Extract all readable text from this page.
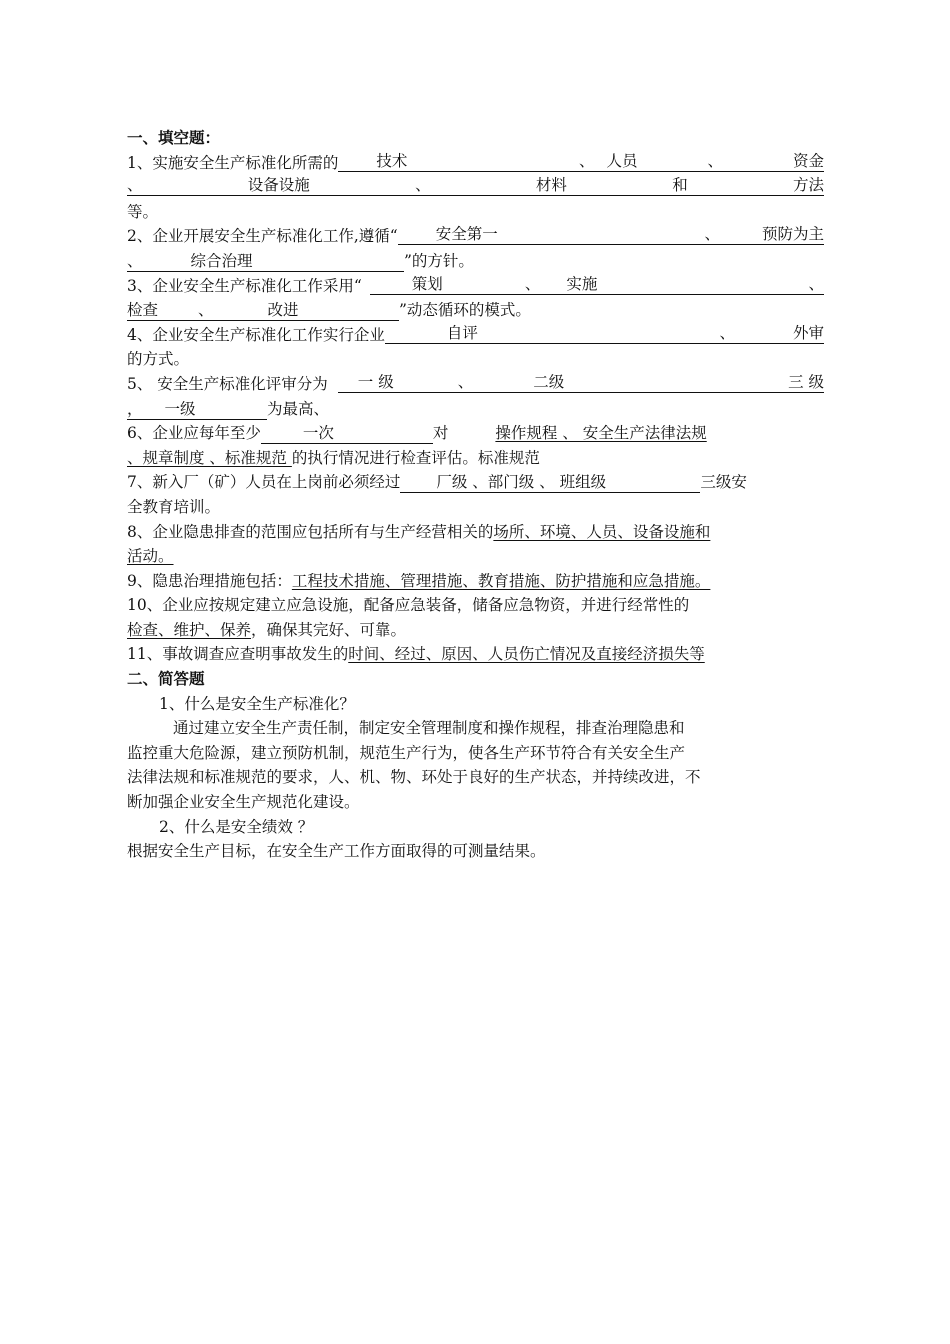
一、填空题：
1、实施安全生产标准化所需的 技术	、 人员	、	资金
、	设备设施	、	材料	和	方法
等。
2、企业开展安全生产标准化工作,遵循“ 安全第一	、	预防为主
、	综合治理	”的方针。
3、企业安全生产标准化工作采用“	策划	、 实施	、
检查	、	改进	”动态循环的模式。
4、企业安全生产标准化工作实行企业	自评	、	外审
的方式。
5、 安全生产标准化评审分为 一 级	、	二级	三 级
， 一级	为最高、
6、企业应每年至少	一次	对	操作规程 、 安全生产法律法规
、规章制度 、标准规范 的执行情况进行检查评估。标准规范
7、新入厂（矿）人员在上岗前必须经过 厂级 、部门级 、 班组级	三级安
全教育培训。
8、企业隐患排查的范围应包括所有与生产经营相关的场所、环境、人员、设备设施和
活动。
9、隐患治理措施包括：工程技术措施、管理措施、教育措施、防护措施和应急措施。
10、企业应按规定建立应急设施，配备应急装备，储备应急物资，并进行经常性的
检查、维护、保养，确保其完好、可靠。
11、事故调查应查明事故发生的时间、经过、原因、人员伤亡情况及直接经济损失等
二、简答题
1、什么是安全生产标准化？
通过建立安全生产责任制，制定安全管理制度和操作规程，排查治理隐患和
监控重大危险源，建立预防机制，规范生产行为，使各生产环节符合有关安全生产
法律法规和标准规范的要求，人、机、物、环处于良好的生产状态，并持续改进，不
断加强企业安全生产规范化建设。
2、什么是安全绩效 ？
根据安全生产目标，在安全生产工作方面取得的可测量结果。
